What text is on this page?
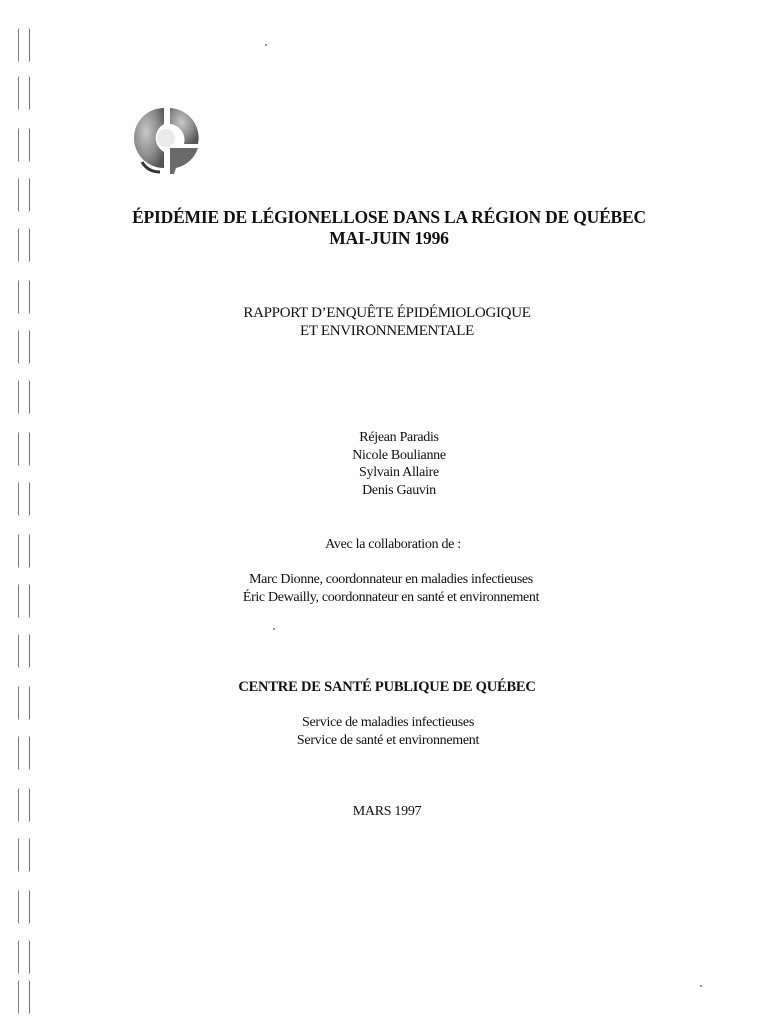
ÉPIDÉMIE DE LÉGIONELLOSE DANS LA RÉGION DE QUÉBEC
MAI-JUIN 1996
RAPPORT D’ENQUÊTE ÉPIDÉMIOLOGIQUE
ET ENVIRONNEMENTALE
Réjean Paradis
Nicole Boulianne
Sylvain Allaire
Denis Gauvin
Avec la collaboration de :
Marc Dionne, coordonnateur en maladies infectieuses
Éric Dewailly, coordonnateur en santé et environnement
CENTRE DE SANTÉ PUBLIQUE DE QUÉBEC
Service de maladies infectieuses
Service de santé et environnement
MARS 1997
